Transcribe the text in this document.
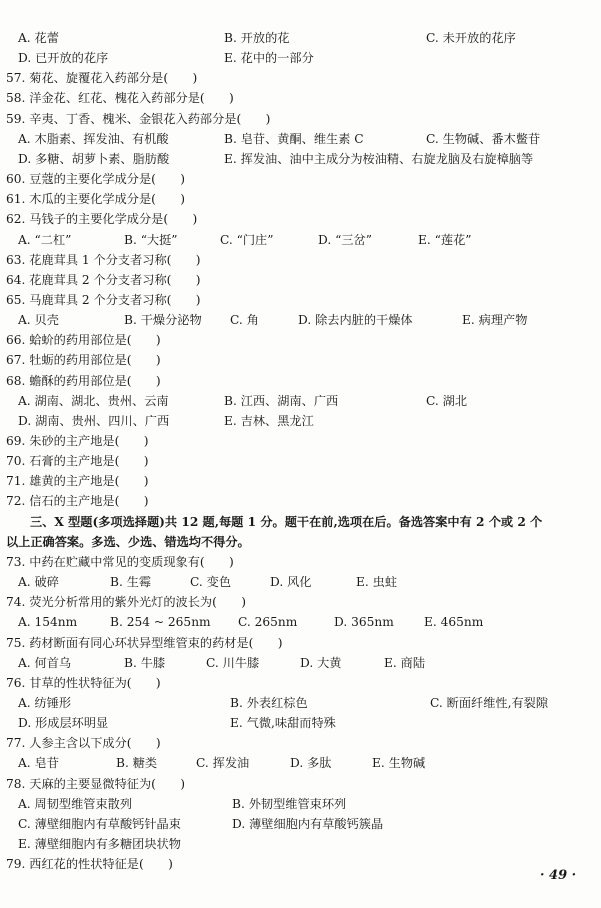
A. 花蕾	B. 开放的花	C. 未开放的花序
D. 已开放的花序	E. 花中的一部分
57. 菊花、旋覆花入药部分是(　　)
58. 洋金花、红花、槐花入药部分是(　　)
59. 辛夷、丁香、槐米、金银花入药部分是(　　)
A. 木脂素、挥发油、有机酸	B. 皂苷、黄酮、维生素 C	C. 生物碱、番木鳖苷
D. 多糖、胡萝卜素、脂肪酸	E. 挥发油、油中主成分为桉油精、右旋龙脑及右旋樟脑等
60. 豆蔻的主要化学成分是(　　)
61. 木瓜的主要化学成分是(　　)
62. 马钱子的主要化学成分是(　　)
A. “二杠”	B. “大挺”	C. “门庄”	D. “三岔”	E. “莲花”
63. 花鹿茸具 1 个分支者习称(　　)
64. 花鹿茸具 2 个分支者习称(　　)
65. 马鹿茸具 2 个分支者习称(　　)
A. 贝壳	B. 干燥分泌物 C. 角	D. 除去内脏的干燥体	E. 病理产物
66. 蛤蚧的药用部位是(　　)
67. 牡蛎的药用部位是(　　)
68. 蟾酥的药用部位是(　　)
A. 湖南、湖北、贵州、云南	B. 江西、湖南、广西	C. 湖北
D. 湖南、贵州、四川、广西	E. 吉林、黑龙江
69. 朱砂的主产地是(　　)
70. 石膏的主产地是(　　)
71. 雄黄的主产地是(　　)
72. 信石的主产地是(　　)
三、X 型题(多项选择题)共 12 题,每题 1 分。题干在前,选项在后。备选答案中有 2 个或 2 个
以上正确答案。多选、少选、错选均不得分。
73. 中药在贮藏中常见的变质现象有(　　)
A. 破碎	B. 生霉	C. 变色	D. 风化	E. 虫蛀
74. 荧光分析常用的紫外光灯的波长为(　　)
A. 154nm	B. 254 ~ 265nm C. 265nm	D. 365nm E. 465nm
75. 药材断面有同心环状异型维管束的药材是(　　)
A. 何首乌	B. 牛膝	C. 川牛膝	D. 大黄	E. 商陆
76. 甘草的性状特征为(　　)
A. 纺锤形	B. 外表红棕色	C. 断面纤维性,有裂隙
D. 形成层环明显	E. 气微,味甜而特殊
77. 人参主含以下成分(　　)
A. 皂苷	B. 糖类	C. 挥发油	D. 多肽	E. 生物碱
78. 天麻的主要显微特征为(　　)
A. 周韧型维管束散列	B. 外韧型维管束环列
C. 薄壁细胞内有草酸钙针晶束	D. 薄壁细胞内有草酸钙簇晶
E. 薄壁细胞内有多糖团块状物
79. 西红花的性状特征是(　　)
· 49 ·
